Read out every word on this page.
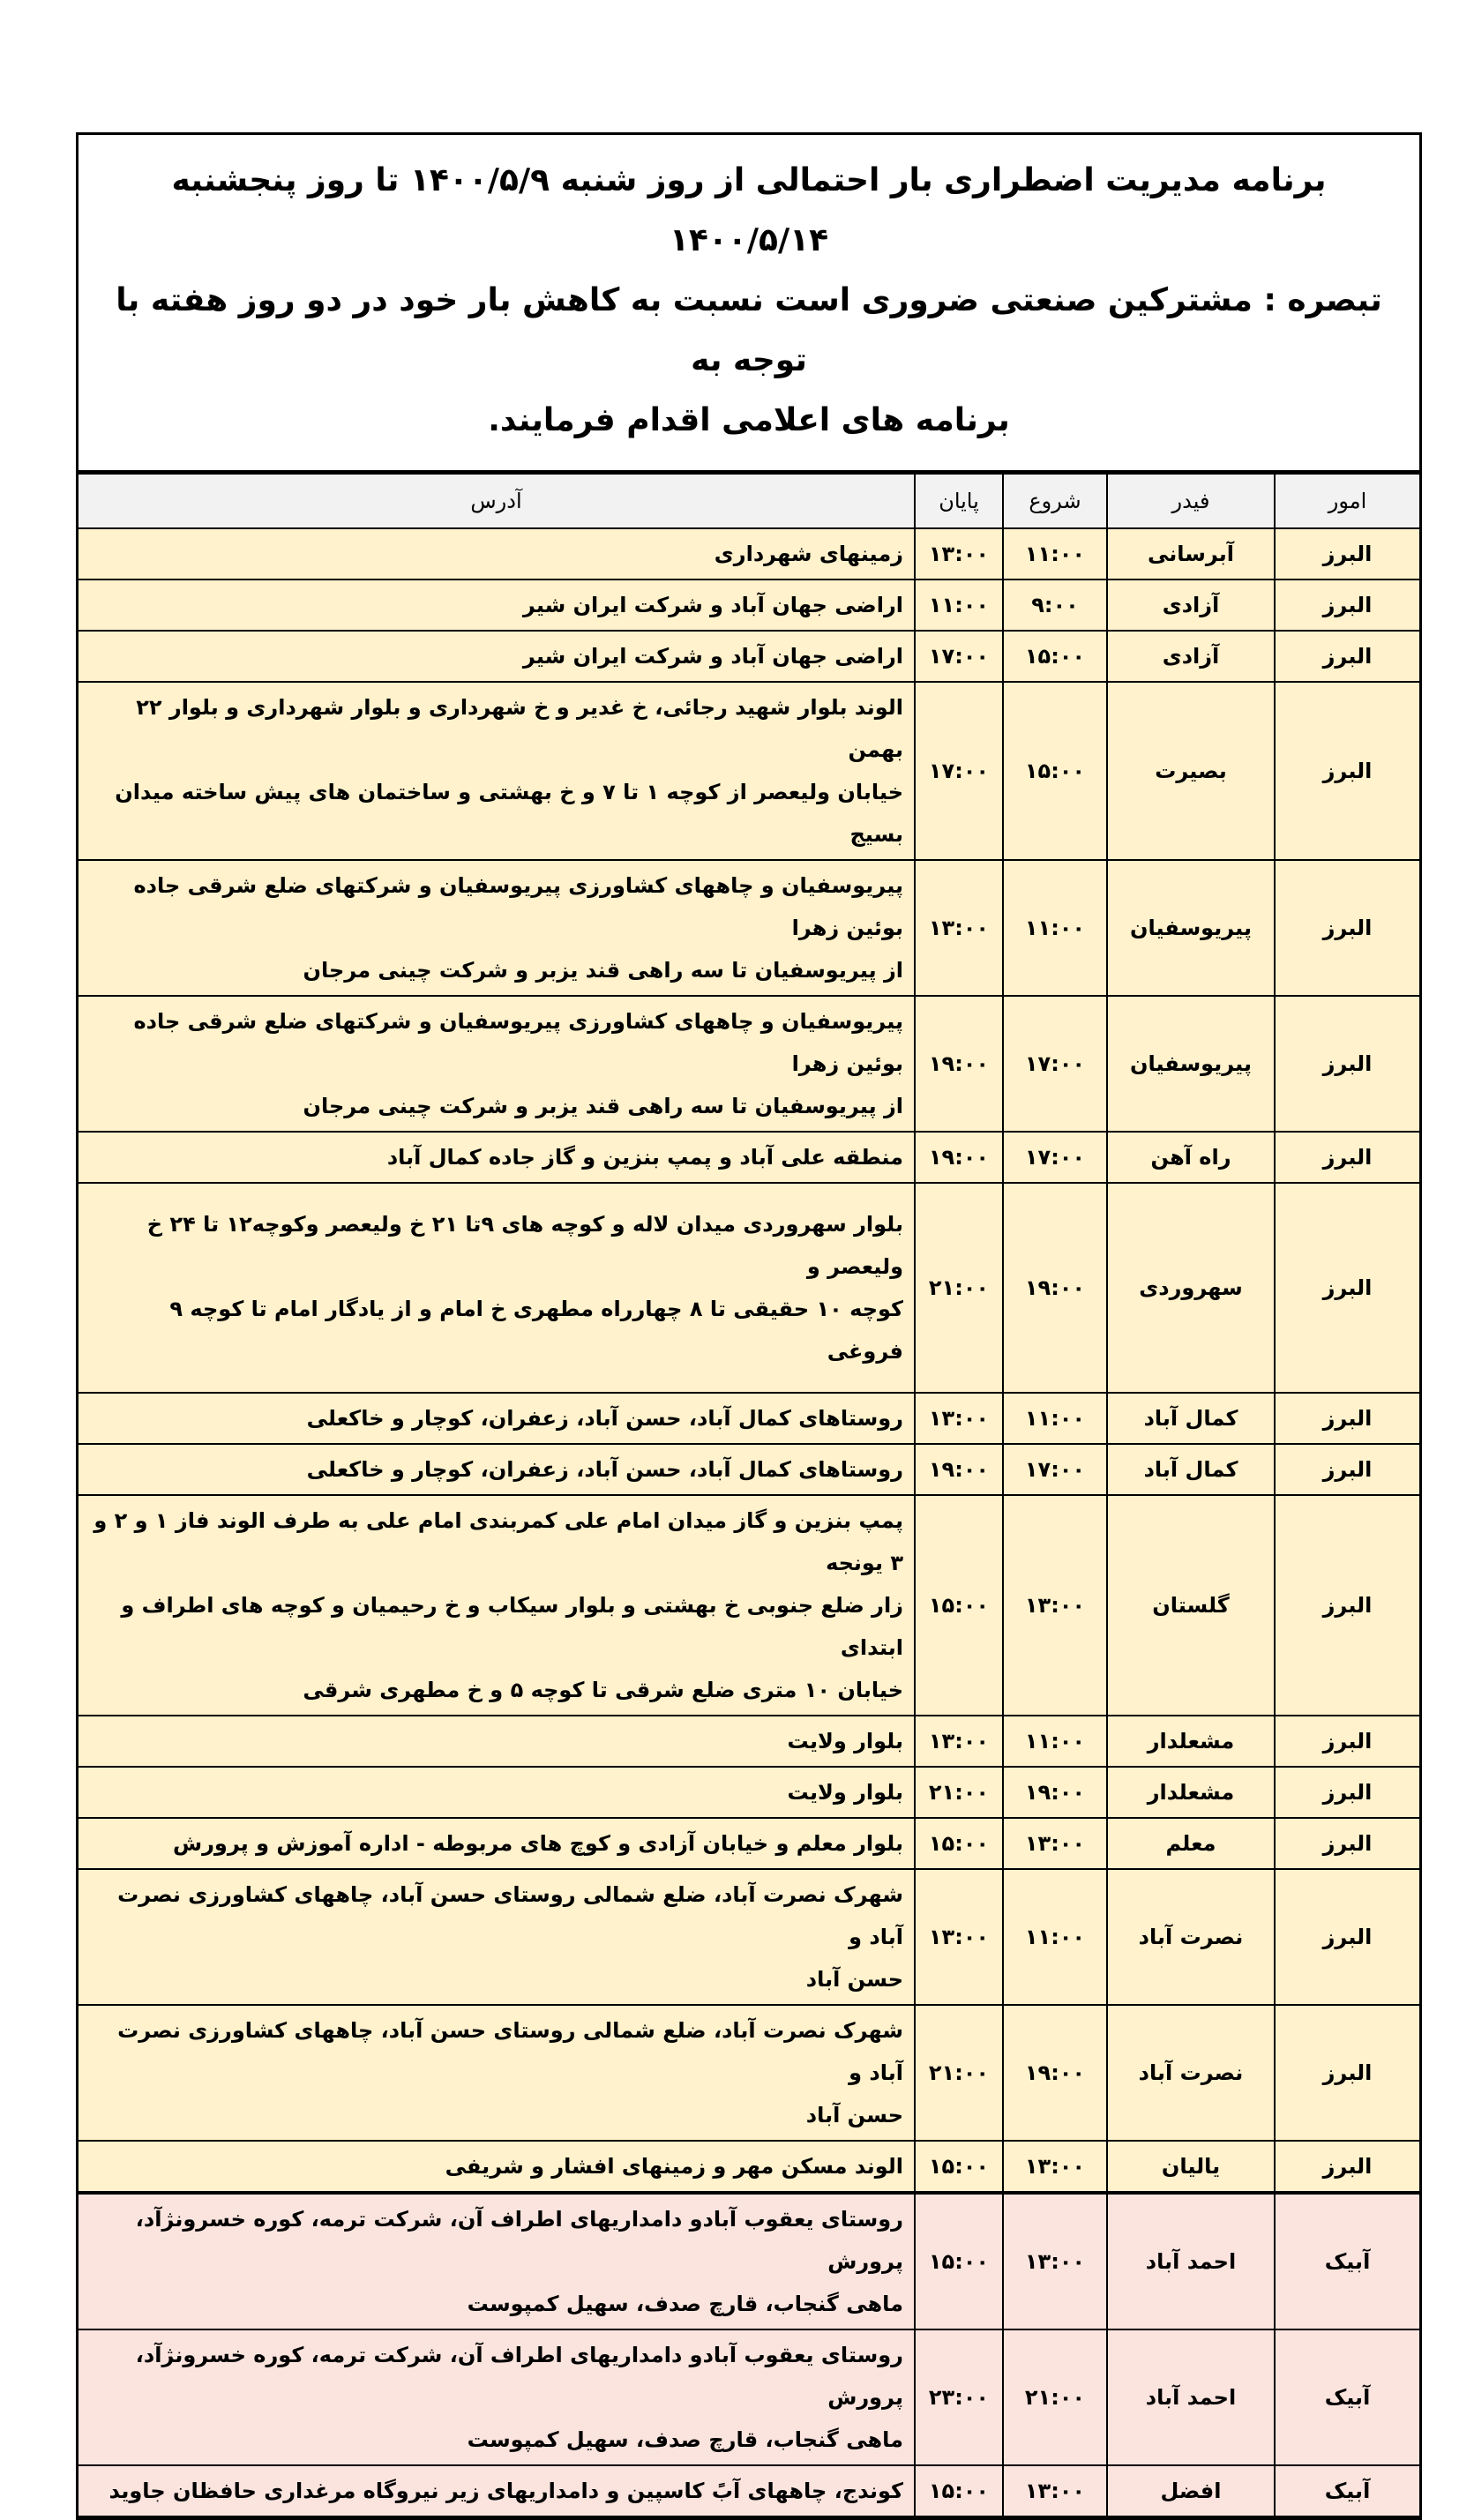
برنامه مدیریت اضطراری بار احتمالی از روز شنبه ۱۴۰۰/۵/۹ تا روز پنجشنبه ۱۴۰۰/۵/۱۴

تبصره : مشترکین صنعتی ضروری است نسبت به کاهش بار خود در دو روز هفته با توجه به

برنامه های اعلامی اقدام فرمایند.

امور	فیدر	شروع	پایان	آدرس
البرز	آبرسانی	۱۱:۰۰	۱۳:۰۰	زمینهای شهرداری

البرز	آزادی	۹:۰۰	۱۱:۰۰	اراضی جهان آباد و شرکت ایران شیر

البرز	آزادی	۱۵:۰۰	۱۷:۰۰	اراضی جهان آباد و شرکت ایران شیر

البرز	بصیرت	۱۵:۰۰	۱۷:۰۰	الوند بلوار شهید رجائی، خ غدیر و خ شهرداری و بلوار شهرداری و بلوار ۲۲ بهمن
خیابان ولیعصر از کوچه ۱ تا ۷ و خ بهشتی و ساختمان های پیش ساخته میدان بسیج

البرز	پیریوسفیان	۱۱:۰۰	۱۳:۰۰	پیریوسفیان و چاههای کشاورزی پیریوسفیان و شرکتهای ضلع شرقی جاده بوئین زهرا
از پیریوسفیان تا سه راهی قند یزبر و شرکت چینی مرجان

البرز	پیریوسفیان	۱۷:۰۰	۱۹:۰۰	پیریوسفیان و چاههای کشاورزی پیریوسفیان و شرکتهای ضلع شرقی جاده بوئین زهرا
از پیریوسفیان تا سه راهی قند یزبر و شرکت چینی مرجان

البرز	راه آهن	۱۷:۰۰	۱۹:۰۰	منطقه علی آباد و پمپ بنزین و گاز جاده کمال آباد

البرز	سهروردی	۱۹:۰۰	۲۱:۰۰	بلوار سهروردی میدان لاله و کوچه های ۹تا ۲۱ خ ولیعصر وکوچه۱۲ تا ۲۴ خ ولیعصر و
کوچه ۱۰ حقیقی تا ۸ چهارراه مطهری خ امام و از یادگار امام تا کوچه ۹ فروغی

البرز	کمال آباد	۱۱:۰۰	۱۳:۰۰	روستاهای کمال آباد، حسن آباد، زعفران، کوچار و خاکعلی

البرز	کمال آباد	۱۷:۰۰	۱۹:۰۰	روستاهای کمال آباد، حسن آباد، زعفران، کوچار و خاکعلی

البرز	گلستان	۱۳:۰۰	۱۵:۰۰	پمپ بنزین و گاز میدان امام علی کمربندی امام علی به طرف الوند فاز ۱ و ۲ و ۳ یونجه
زار ضلع جنوبی خ بهشتی و بلوار سیکاب و خ رحیمیان و کوچه های اطراف و ابتدای
خیابان ۱۰ متری ضلع شرقی تا کوچه ۵ و خ مطهری شرقی

البرز	مشعلدار	۱۱:۰۰	۱۳:۰۰	بلوار ولایت

البرز	مشعلدار	۱۹:۰۰	۲۱:۰۰	بلوار ولایت

البرز	معلم	۱۳:۰۰	۱۵:۰۰	بلوار معلم و خیابان آزادی و کوچ های مربوطه - اداره آموزش و پرورش

البرز	نصرت آباد	۱۱:۰۰	۱۳:۰۰	شهرک نصرت آباد، ضلع شمالی روستای حسن آباد، چاههای کشاورزی نصرت آباد و
حسن آباد

البرز	نصرت آباد	۱۹:۰۰	۲۱:۰۰	شهرک نصرت آباد، ضلع شمالی روستای حسن آباد، چاههای کشاورزی نصرت آباد و
حسن آباد

البرز	یالیان	۱۳:۰۰	۱۵:۰۰	الوند مسکن مهر و زمینهای افشار و شریفی

آبیک	احمد آباد	۱۳:۰۰	۱۵:۰۰	روستای یعقوب آبادو دامداریهای اطراف آن، شرکت ترمه، کوره خسرونژآد، پرورش
ماهی گنجاب، قارچ صدف، سهیل کمپوست

آبیک	احمد آباد	۲۱:۰۰	۲۳:۰۰	روستای یعقوب آبادو دامداریهای اطراف آن، شرکت ترمه، کوره خسرونژآد، پرورش
ماهی گنجاب، قارچ صدف، سهیل کمپوست

آبیک	افضل	۱۳:۰۰	۱۵:۰۰	کوندج، چاههای آبً کاسپین و دامداریهای زیر نیروگاه مرغداری حافظان جاوید
